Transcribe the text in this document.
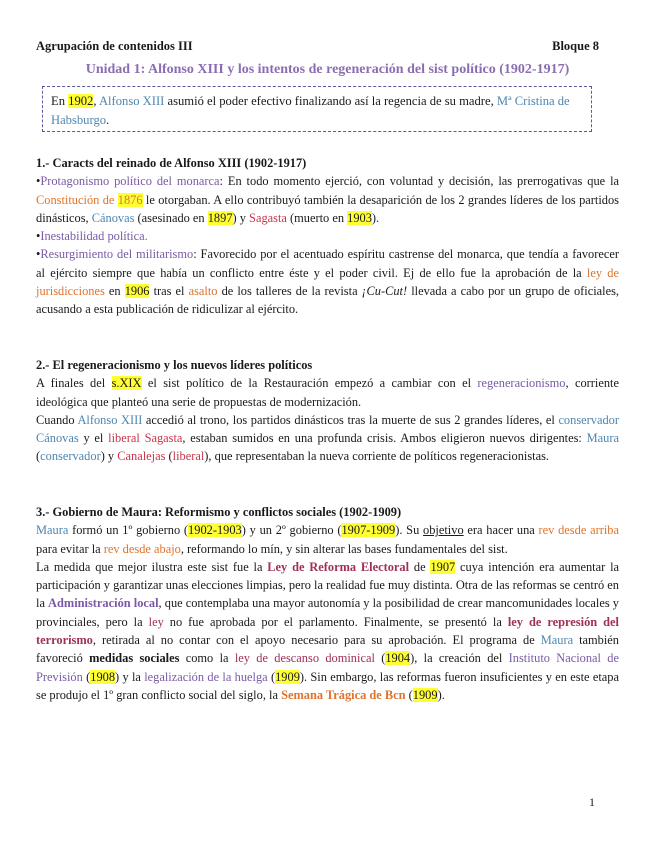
Agrupación de contenidos III	Bloque 8
Unidad 1: Alfonso XIII y los intentos de regeneración del sist político (1902-1917)
En 1902, Alfonso XIII asumió el poder efectivo finalizando así la regencia de su madre, Mª Cristina de Habsburgo.

1.- Caracts del reinado de Alfonso XIII (1902-1917)

•Protagonismo político del monarca: En todo momento ejerció, con voluntad y decisión, las prerrogativas que la Constitución de 1876 le otorgaban. A ello contribuyó también la desaparición de los 2 grandes líderes de los partidos dinásticos, Cánovas (asesinado en 1897) y Sagasta (muerto en 1903).

•Inestabilidad política.

•Resurgimiento del militarismo: Favorecido por el acentuado espíritu castrense del monarca, que tendía a favorecer al ejército siempre que había un conflicto entre éste y el poder civil. Ej de ello fue la aprobación de la ley de jurisdicciones en 1906 tras el asalto de los talleres de la revista ¡Cu-Cut! llevada a cabo por un grupo de oficiales, acusando a esta publicación de ridiculizar al ejército.

2.- El regeneracionismo y los nuevos líderes políticos

A finales del s.XIX el sist político de la Restauración empezó a cambiar con el regeneracionismo, corriente ideológica que planteó una serie de propuestas de modernización.

Cuando Alfonso XIII accedió al trono, los partidos dinásticos tras la muerte de sus 2 grandes líderes, el conservador Cánovas y el liberal Sagasta, estaban sumidos en una profunda crisis. Ambos eligieron nuevos dirigentes: Maura (conservador) y Canalejas (liberal), que representaban la nueva corriente de políticos regeneracionistas.

3.- Gobierno de Maura: Reformismo y conflictos sociales (1902-1909)

Maura formó un 1º gobierno (1902-1903) y un 2º gobierno (1907-1909). Su objetivo era hacer una rev desde arriba para evitar la rev desde abajo, reformando lo mín, y sin alterar las bases fundamentales del sist.

La medida que mejor ilustra este sist fue la Ley de Reforma Electoral de 1907 cuya intención era aumentar la participación y garantizar unas elecciones limpias, pero la realidad fue muy distinta. Otra de las reformas se centró en la Administración local, que contemplaba una mayor autonomía y la posibilidad de crear mancomunidades locales y provinciales, pero la ley no fue aprobada por el parlamento. Finalmente, se presentó la ley de represión del terrorismo, retirada al no contar con el apoyo necesario para su aprobación. El programa de Maura también favoreció medidas sociales como la ley de descanso dominical (1904), la creación del Instituto Nacional de Previsión (1908) y la legalización de la huelga (1909). Sin embargo, las reformas fueron insuficientes y en este etapa se produjo el 1º gran conflicto social del siglo, la Semana Trágica de Bcn (1909).

1
